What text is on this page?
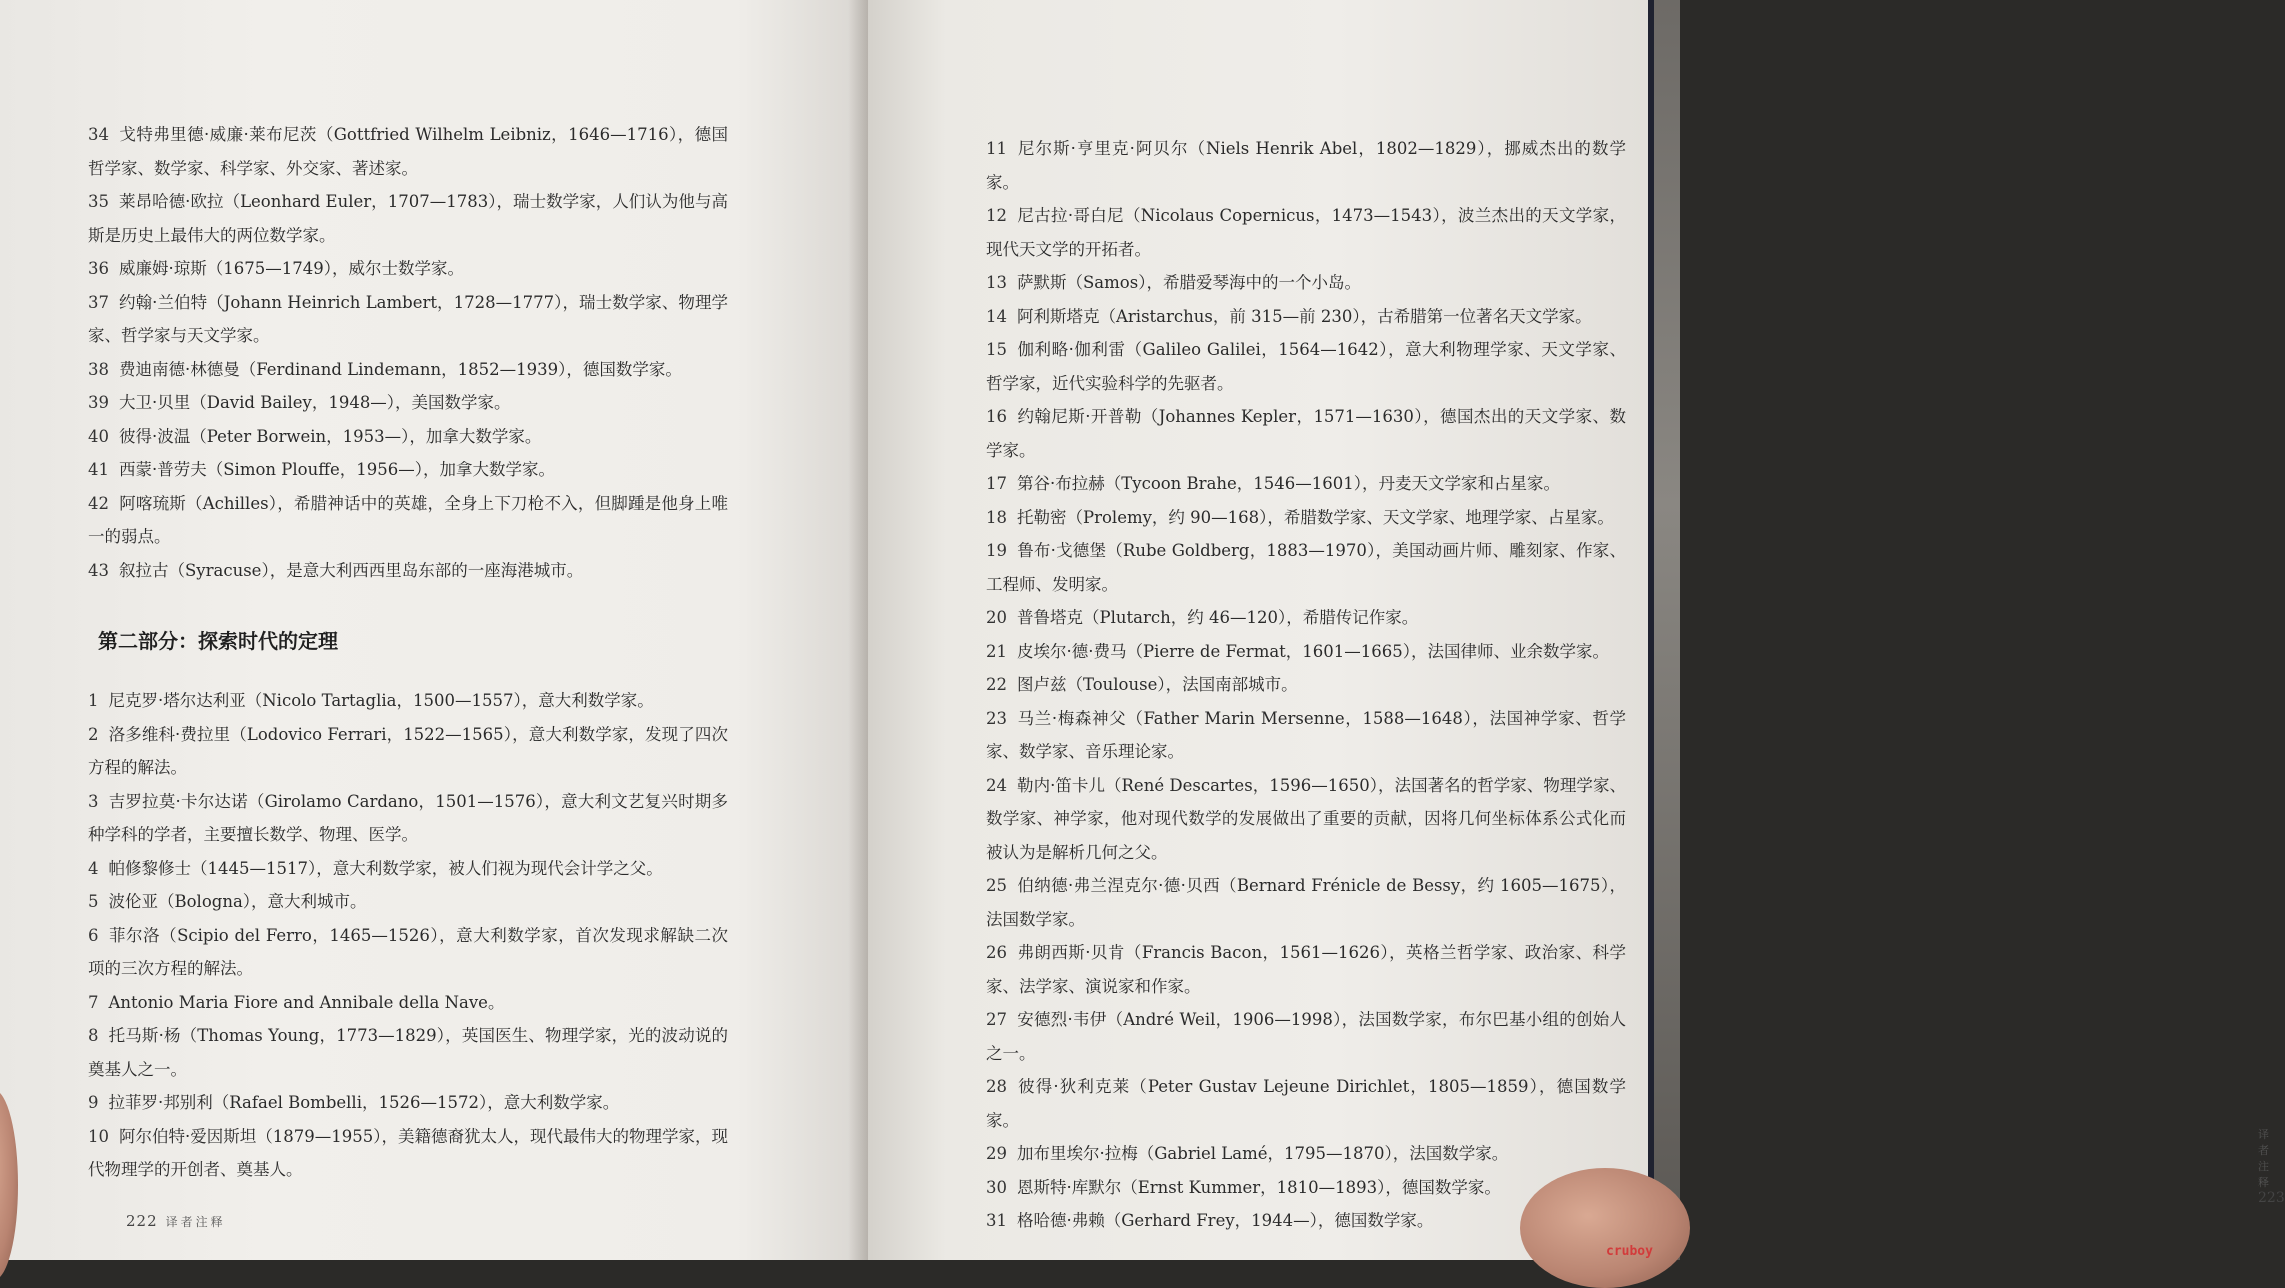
34 戈特弗里德·威廉·莱布尼茨（Gottfried Wilhelm Leibniz，1646—1716），德国哲学家、数学家、科学家、外交家、著述家。

35 莱昂哈德·欧拉（Leonhard Euler，1707—1783），瑞士数学家，人们认为他与高斯是历史上最伟大的两位数学家。

36 威廉姆·琼斯（1675—1749），威尔士数学家。

37 约翰·兰伯特（Johann Heinrich Lambert，1728—1777），瑞士数学家、物理学家、哲学家与天文学家。

38 费迪南德·林德曼（Ferdinand Lindemann，1852—1939），德国数学家。

39 大卫·贝里（David Bailey，1948—），美国数学家。

40 彼得·波温（Peter Borwein，1953—），加拿大数学家。

41 西蒙·普劳夫（Simon Plouffe，1956—），加拿大数学家。

42 阿喀琉斯（Achilles），希腊神话中的英雄，全身上下刀枪不入，但脚踵是他身上唯一的弱点。

43 叙拉古（Syracuse），是意大利西西里岛东部的一座海港城市。

第二部分：探索时代的定理

1 尼克罗·塔尔达利亚（Nicolo Tartaglia，1500—1557），意大利数学家。

2 洛多维科·费拉里（Lodovico Ferrari，1522—1565），意大利数学家，发现了四次方程的解法。

3 吉罗拉莫·卡尔达诺（Girolamo Cardano，1501—1576），意大利文艺复兴时期多种学科的学者，主要擅长数学、物理、医学。

4 帕修黎修士（1445—1517），意大利数学家，被人们视为现代会计学之父。

5 波伦亚（Bologna），意大利城市。

6 菲尔洛（Scipio del Ferro，1465—1526），意大利数学家，首次发现求解缺二次项的三次方程的解法。

7 Antonio Maria Fiore and Annibale della Nave。

8 托马斯·杨（Thomas Young，1773—1829），英国医生、物理学家，光的波动说的奠基人之一。

9 拉菲罗·邦别利（Rafael Bombelli，1526—1572），意大利数学家。

10 阿尔伯特·爱因斯坦（1879—1955），美籍德裔犹太人，现代最伟大的物理学家，现代物理学的开创者、奠基人。

222 译者注释

11 尼尔斯·亨里克·阿贝尔（Niels Henrik Abel，1802—1829），挪威杰出的数学家。

12 尼古拉·哥白尼（Nicolaus Copernicus，1473—1543），波兰杰出的天文学家，现代天文学的开拓者。

13 萨默斯（Samos），希腊爱琴海中的一个小岛。

14 阿利斯塔克（Aristarchus，前 315—前 230），古希腊第一位著名天文学家。

15 伽利略·伽利雷（Galileo Galilei，1564—1642），意大利物理学家、天文学家、哲学家，近代实验科学的先驱者。

16 约翰尼斯·开普勒（Johannes Kepler，1571—1630），德国杰出的天文学家、数学家。

17 第谷·布拉赫（Tycoon Brahe，1546—1601），丹麦天文学家和占星家。

18 托勒密（Prolemy，约 90—168），希腊数学家、天文学家、地理学家、占星家。

19 鲁布·戈德堡（Rube Goldberg，1883—1970），美国动画片师、雕刻家、作家、工程师、发明家。

20 普鲁塔克（Plutarch，约 46—120），希腊传记作家。

21 皮埃尔·德·费马（Pierre de Fermat，1601—1665），法国律师、业余数学家。

22 图卢兹（Toulouse），法国南部城市。

23 马兰·梅森神父（Father Marin Mersenne，1588—1648），法国神学家、哲学家、数学家、音乐理论家。

24 勒内·笛卡儿（René Descartes，1596—1650），法国著名的哲学家、物理学家、数学家、神学家，他对现代数学的发展做出了重要的贡献，因将几何坐标体系公式化而被认为是解析几何之父。

25 伯纳德·弗兰涅克尔·德·贝西（Bernard Frénicle de Bessy，约 1605—1675），法国数学家。

26 弗朗西斯·贝肯（Francis Bacon，1561—1626），英格兰哲学家、政治家、科学家、法学家、演说家和作家。

27 安德烈·韦伊（André Weil，1906—1998），法国数学家，布尔巴基小组的创始人之一。

28 彼得·狄利克莱（Peter Gustav Lejeune Dirichlet，1805—1859），德国数学家。

29 加布里埃尔·拉梅（Gabriel Lamé，1795—1870），法国数学家。

30 恩斯特·库默尔（Ernst Kummer，1810—1893），德国数学家。

31 格哈德·弗赖（Gerhard Frey，1944—），德国数学家。

译者注释223
cruboy
